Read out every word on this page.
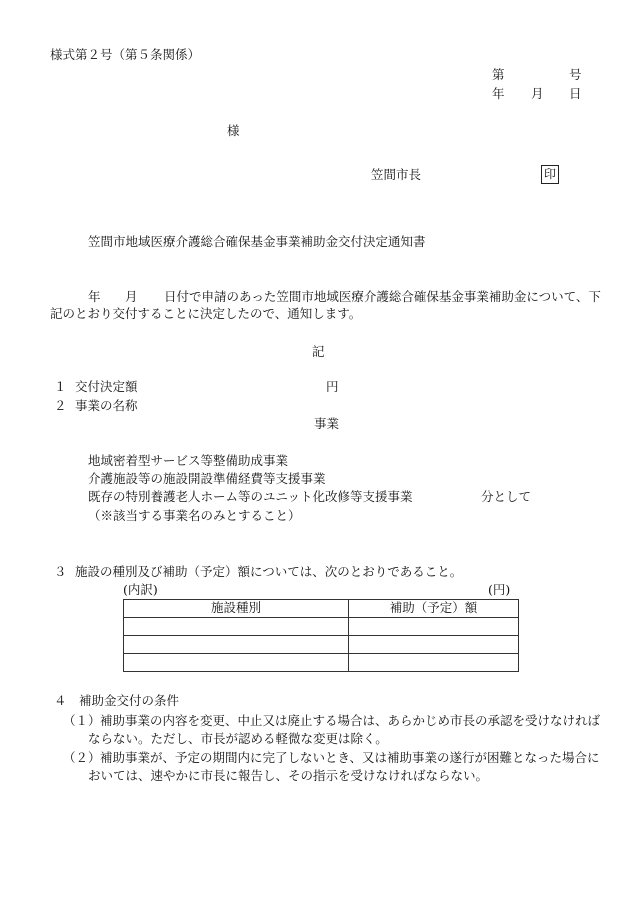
様式第２号（第５条関係）
第	号
年 月 日
様
笠間市長	印
笠間市地域医療介護総合確保基金事業補助金交付決定通知書
年 月 日付で申請のあった笠間市地域医療介護総合確保基金事業補助金について、下
記のとおり交付することに決定したので、通知します。
記
１ 交付決定額	円
２ 事業の名称
事業
地域密着型サービス等整備助成事業
介護施設等の施設開設準備経費等支援事業
既存の特別養護老人ホーム等のユニット化改修等支援事業	分として
（※該当する事業名のみとすること）
３ 施設の種別及び補助（予定）額については、次のとおりであること。
(内訳)	(円)
施設種別	補助（予定）額

４　補助金交付の条件
（１） 補助事業の内容を変更、中止又は廃止する場合は、あらかじめ市長の承認を受けなければ
ならない。ただし、市長が認める軽微な変更は除く。
（２） 補助事業が、予定の期間内に完了しないとき、又は補助事業の遂行が困難となった場合に
おいては、速やかに市長に報告し、その指示を受けなければならない。
